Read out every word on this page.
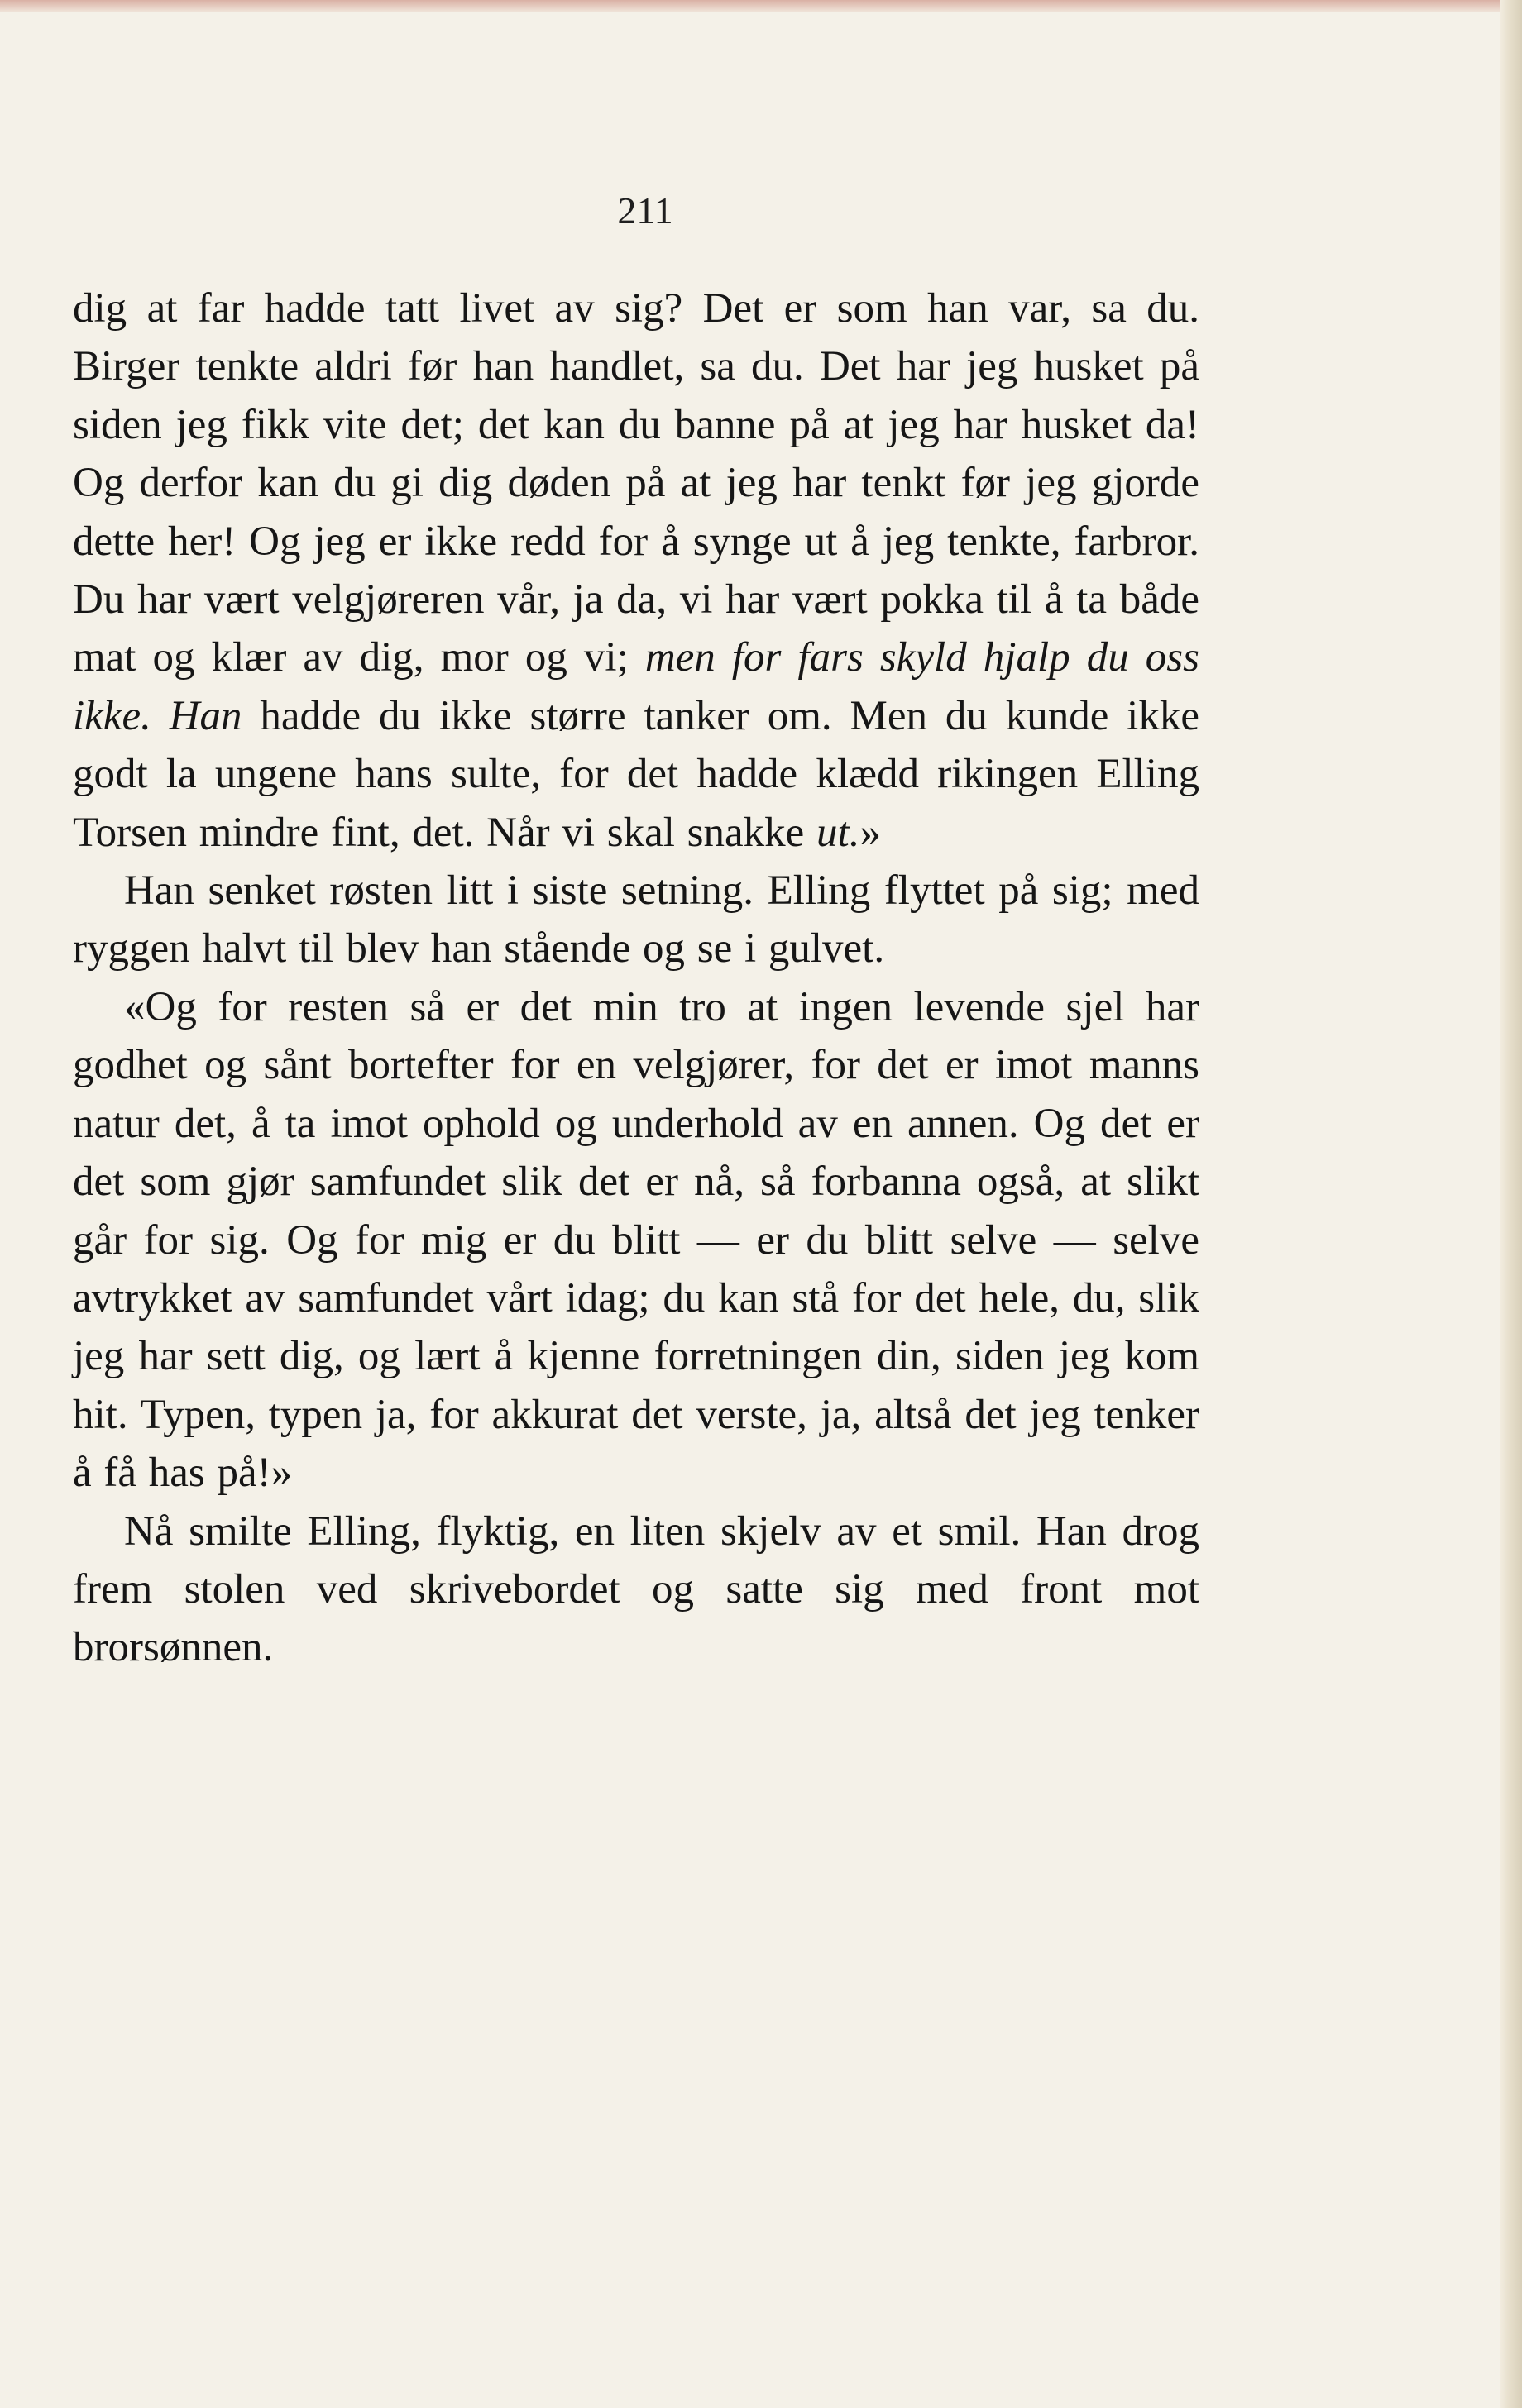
211

dig at far hadde tatt livet av sig? Det er som han var, sa du. Birger tenkte aldri før han handlet, sa du. Det har jeg husket på siden jeg fikk vite det; det kan du banne på at jeg har husket da! Og derfor kan du gi dig døden på at jeg har tenkt før jeg gjorde dette her! Og jeg er ikke redd for å synge ut å jeg tenkte, farbror. Du har vært velgjøreren vår, ja da, vi har vært pokka til å ta både mat og klær av dig, mor og vi; men for fars skyld hjalp du oss ikke. Han hadde du ikke større tanker om. Men du kunde ikke godt la ungene hans sulte, for det hadde klædd rikingen Elling Torsen mindre fint, det. Når vi skal snakke ut.»

Han senket røsten litt i siste setning. Elling flyttet på sig; med ryggen halvt til blev han stående og se i gulvet.

«Og for resten så er det min tro at ingen levende sjel har godhet og sånt bortefter for en velgjører, for det er imot manns natur det, å ta imot ophold og underhold av en annen. Og det er det som gjør samfundet slik det er nå, så forbanna også, at slikt går for sig. Og for mig er du blitt — er du blitt selve — selve avtrykket av samfundet vårt idag; du kan stå for det hele, du, slik jeg har sett dig, og lært å kjenne forretningen din, siden jeg kom hit. Typen, typen ja, for akkurat det verste, ja, altså det jeg tenker å få has på!»

Nå smilte Elling, flyktig, en liten skjelv av et smil. Han drog frem stolen ved skrivebordet og satte sig med front mot brorsønnen.
